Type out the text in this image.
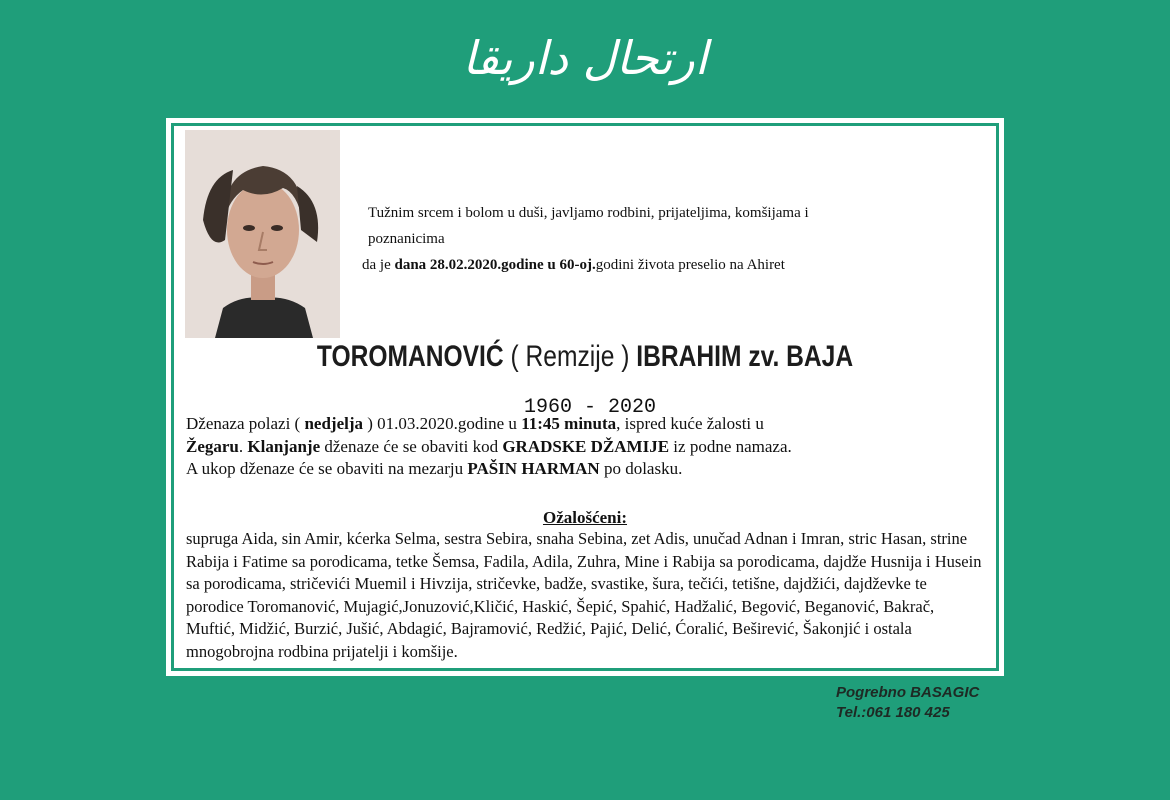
ارتحال داريقا
Tužnim srcem i bolom u duši, javljamo rodbini, prijateljima, komšijama i poznanicima
da je dana 28.02.2020.godine u 60-oj.godini života preselio na Ahiret
TOROMANOVIĆ ( Remzije ) IBRAHIM zv. BAJA
1960 - 2020
Dženaza polazi ( nedjelja ) 01.03.2020.godine u 11:45 minuta, ispred kuće žalosti u
Žegaru. Klanjanje dženaze će se obaviti kod GRADSKE DŽAMIJE iz podne namaza.
A ukop dženaze će se obaviti na mezarju PAŠIN HARMAN po dolasku.
Ožalošćeni:
supruga Aida, sin Amir, kćerka Selma, sestra Sebira, snaha Sebina, zet Adis, unučad Adnan i Imran, stric Hasan, strine Rabija i Fatime sa porodicama, tetke Šemsa, Fadila, Adila, Zuhra, Mine i Rabija sa porodicama, dajdže Husnija i Husein sa porodicama, stričevići Muemil i Hivzija, stričevke, badže, svastike, šura, tečići, tetišne, dajdžići, dajdževke te porodice Toromanović, Mujagić,Jonuzović,Kličić, Haskić, Šepić, Spahić, Hadžalić, Begović, Beganović, Bakrač, Muftić, Midžić, Burzić, Jušić, Abdagić, Bajramović, Redžić, Pajić, Delić, Ćoralić, Beširević, Šakonjić i ostala mnogobrojna rodbina prijatelji i komšije.
Pogrebno BASAGIC
Tel.:061 180 425
